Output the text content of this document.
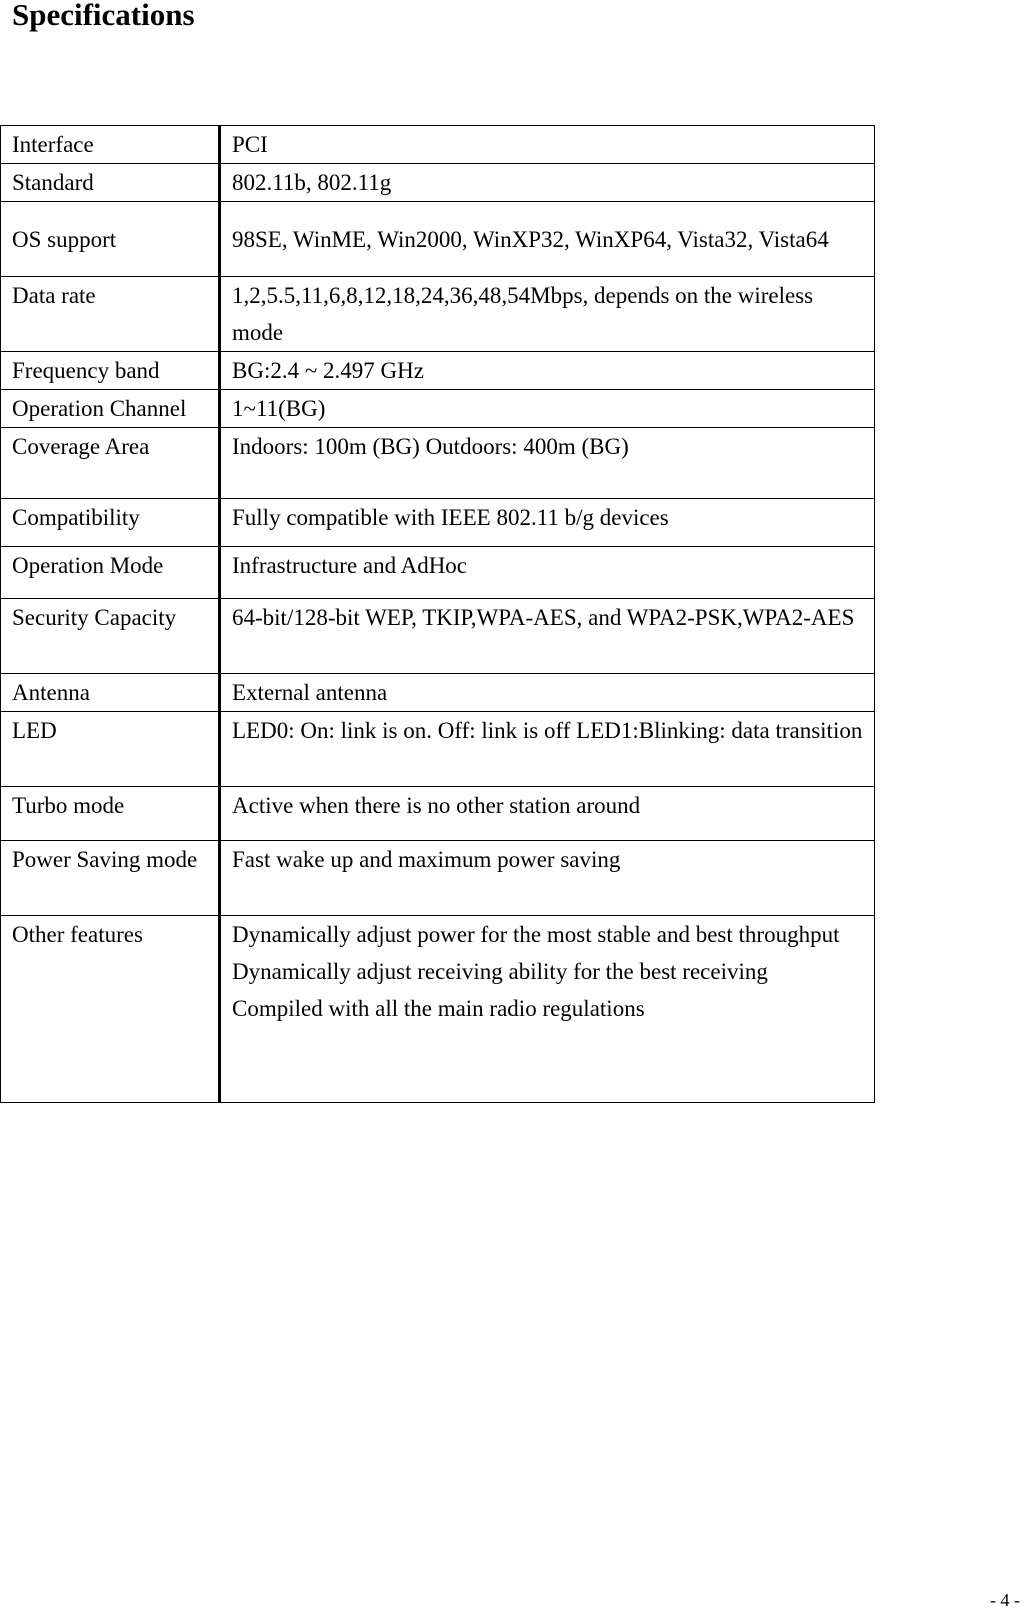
Specifications
Interface	PCI
Standard	802.11b, 802.11g
OS support	98SE, WinME, Win2000, WinXP32, WinXP64, Vista32, Vista64
Data rate	1,2,5.5,11,6,8,12,18,24,36,48,54Mbps, depends on the wireless mode
Frequency band	BG:2.4 ~ 2.497 GHz
Operation Channel	1~11(BG)
Coverage Area	Indoors: 100m (BG) Outdoors: 400m (BG)
Compatibility	Fully compatible with IEEE 802.11 b/g devices
Operation Mode	Infrastructure and AdHoc
Security Capacity	64-bit/128-bit WEP, TKIP,WPA-AES, and WPA2-PSK,WPA2-AES
Antenna	External antenna
LED	LED0: On: link is on. Off: link is off LED1:Blinking: data transition
Turbo mode	Active when there is no other station around
Power Saving mode	Fast wake up and maximum power saving
Other features	Dynamically adjust power for the most stable and best throughput
Dynamically adjust receiving ability for the best receiving
Compiled with all the main radio regulations
- 4 -
